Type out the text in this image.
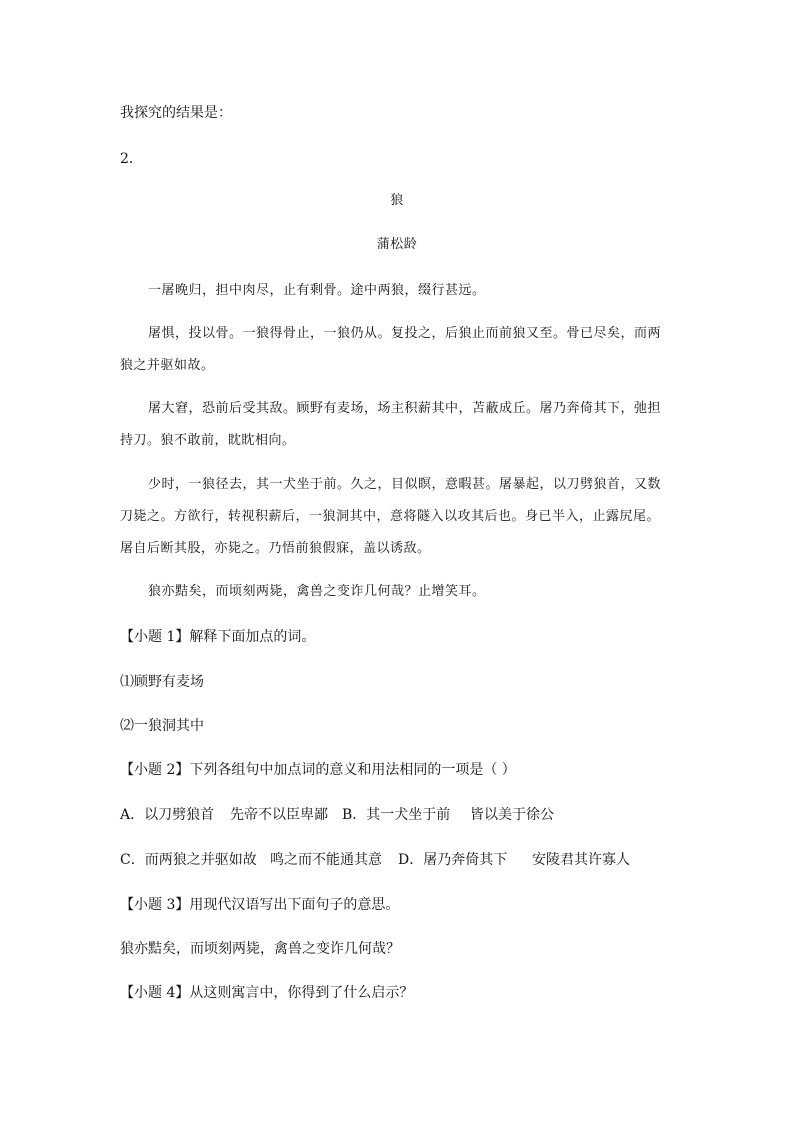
我探究的结果是：
2．
狼
蒲松龄
一屠晚归，担中肉尽，止有剩骨。途中两狼，缀行甚远。
屠惧，投以骨。一狼得骨止，一狼仍从。复投之，后狼止而前狼又至。骨已尽矣，而两
狼之并驱如故。
屠大窘，恐前后受其敌。顾野有麦场，场主积薪其中，苫蔽成丘。屠乃奔倚其下，弛担
持刀。狼不敢前，眈眈相向。
少时，一狼径去，其一犬坐于前。久之，目似瞑，意暇甚。屠暴起，以刀劈狼首，又数
刀毙之。方欲行，转视积薪后，一狼洞其中，意将隧入以攻其后也。身已半入，止露尻尾。
屠自后断其股，亦毙之。乃悟前狼假寐，盖以诱敌。
狼亦黠矣，而顷刻两毙，禽兽之变诈几何哉？止增笑耳。
【小题 1】解释下面加点的词。
⑴顾野有麦场
⑵一狼洞其中
【小题 2】下列各组句中加点词的意义和用法相同的一项是（ ）
A．以刀劈狼首 先帝不以臣卑鄙 B．其一犬坐于前 皆以美于徐公
C．而两狼之并驱如故 鸣之而不能通其意 D．屠乃奔倚其下 安陵君其许寡人
【小题 3】用现代汉语写出下面句子的意思。
狼亦黠矣，而顷刻两毙，禽兽之变诈几何哉？
【小题 4】从这则寓言中，你得到了什么启示？
